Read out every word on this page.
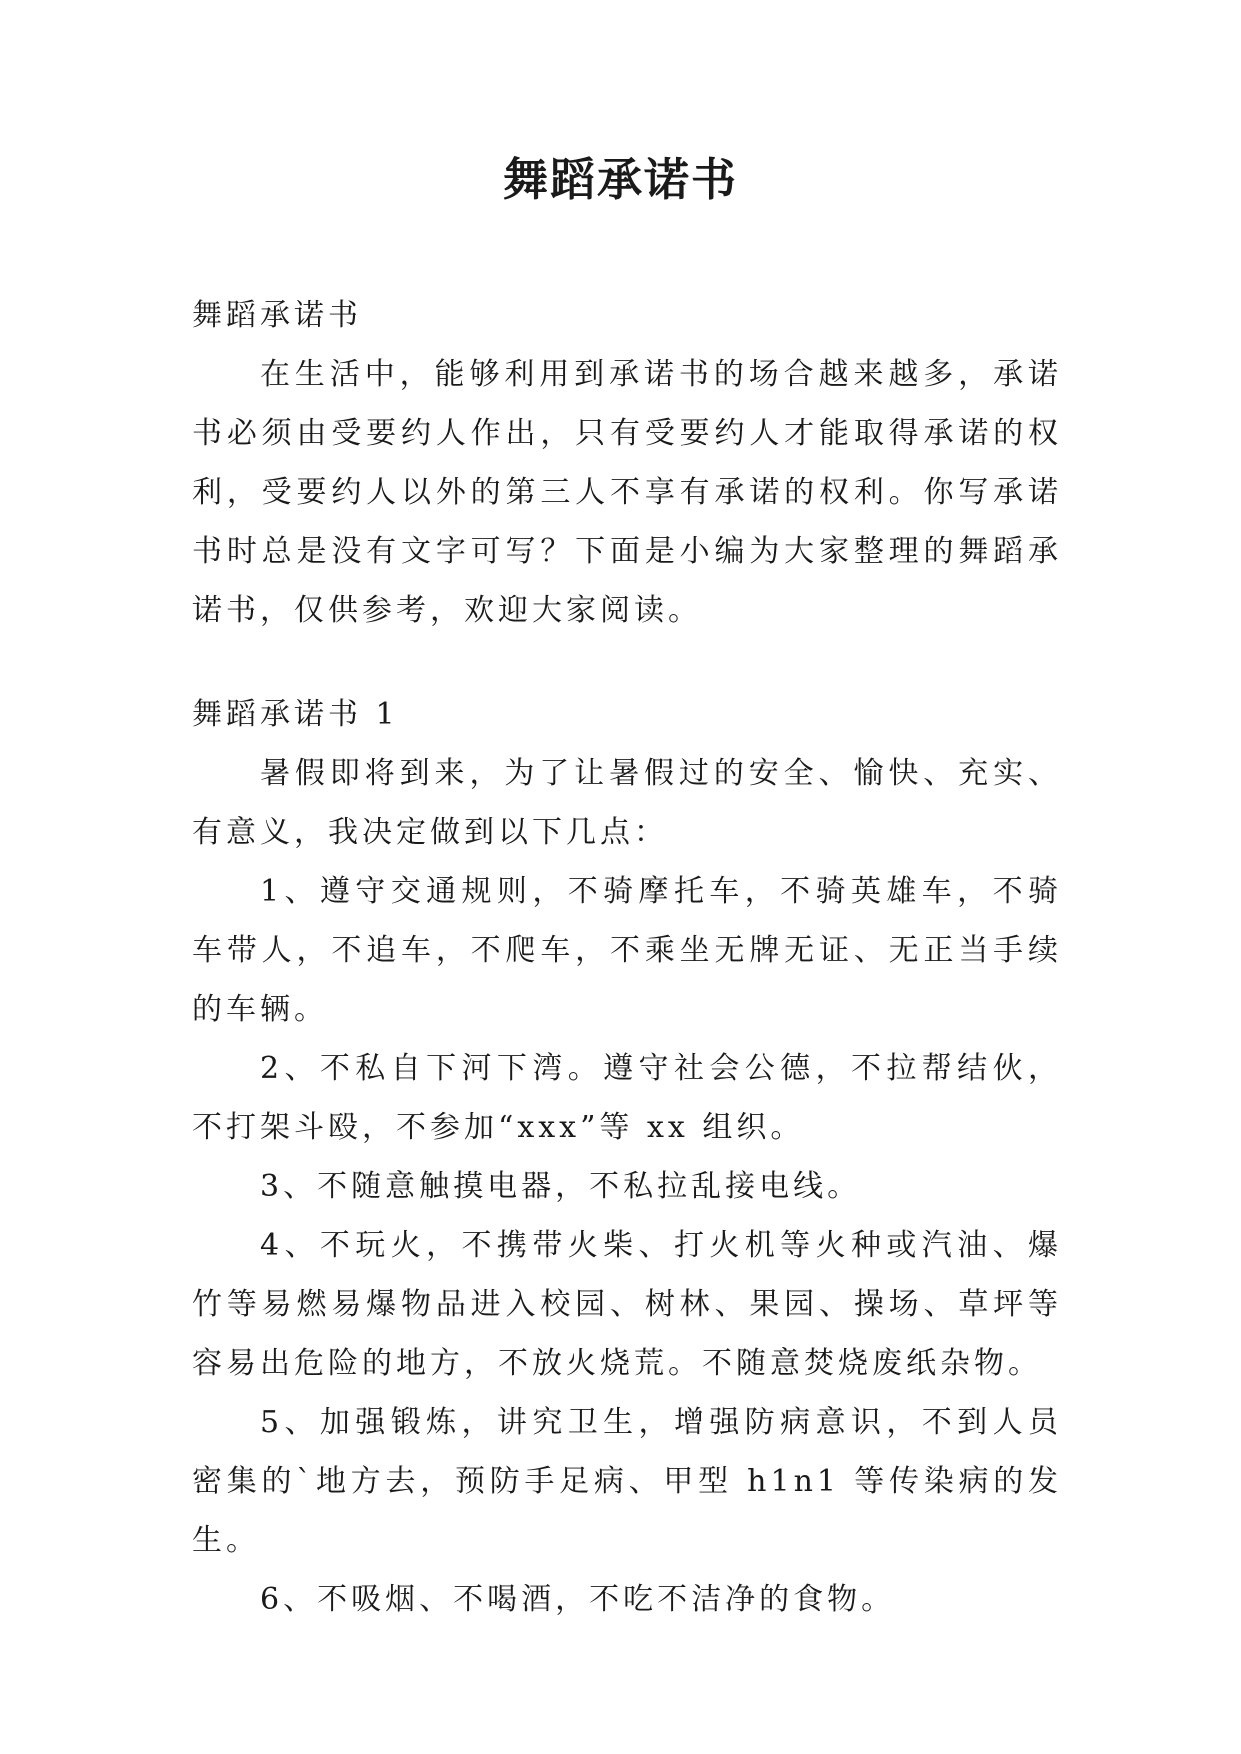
舞蹈承诺书

舞蹈承诺书

在生活中，能够利用到承诺书的场合越来越多，承诺书必须由受要约人作出，只有受要约人才能取得承诺的权利，受要约人以外的第三人不享有承诺的权利。你写承诺书时总是没有文字可写？下面是小编为大家整理的舞蹈承诺书，仅供参考，欢迎大家阅读。

舞蹈承诺书 1

暑假即将到来，为了让暑假过的安全、愉快、充实、有意义，我决定做到以下几点：

1、遵守交通规则，不骑摩托车，不骑英雄车，不骑车带人，不追车，不爬车，不乘坐无牌无证、无正当手续的车辆。

2、不私自下河下湾。遵守社会公德，不拉帮结伙，不打架斗殴，不参加“xxx”等 xx 组织。

3、不随意触摸电器，不私拉乱接电线。

4、不玩火，不携带火柴、打火机等火种或汽油、爆竹等易燃易爆物品进入校园、树林、果园、操场、草坪等容易出危险的地方，不放火烧荒。不随意焚烧废纸杂物。

5、加强锻炼，讲究卫生，增强防病意识，不到人员密集的`地方去，预防手足病、甲型 h1n1 等传染病的发生。

6、不吸烟、不喝酒，不吃不洁净的食物。
